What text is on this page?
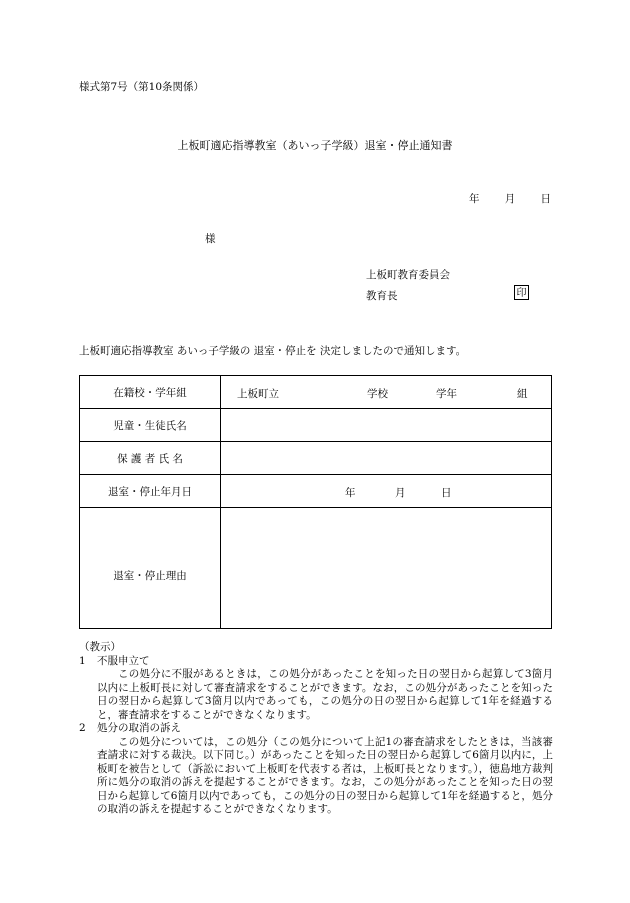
様式第7号（第10条関係）
上板町適応指導教室（あいっ子学級）退室・停止通知書
年 月 日
様
上板町教育委員会
教育長	印
上板町適応指導教室 あいっ子学級の 退室・停止を 決定しましたので通知します。
在籍校・学年組	上板町立 学校 学年 組

児童・生徒氏名	
保 護 者 氏 名	
退室・停止年月日	年 月 日

退室・停止理由	
（教示）
1	不服申立て

この処分に不服があるときは，この処分があったことを知った日の翌日から起算して3箇月以内に上板町長に対して審査請求をすることができます。なお，この処分があったことを知った日の翌日から起算して3箇月以内であっても，この処分の日の翌日から起算して1年を経過すると，審査請求をすることができなくなります。

2	処分の取消の訴え

この処分については，この処分（この処分について上記1の審査請求をしたときは，当該審査請求に対する裁決。以下同じ。）があったことを知った日の翌日から起算して6箇月以内に，上板町を被告として（訴訟において上板町を代表する者は，上板町長となります。），徳島地方裁判所に処分の取消の訴えを提起することができます。なお，この処分があったことを知った日の翌日から起算して6箇月以内であっても，この処分の日の翌日から起算して1年を経過すると，処分の取消の訴えを提起することができなくなります。
